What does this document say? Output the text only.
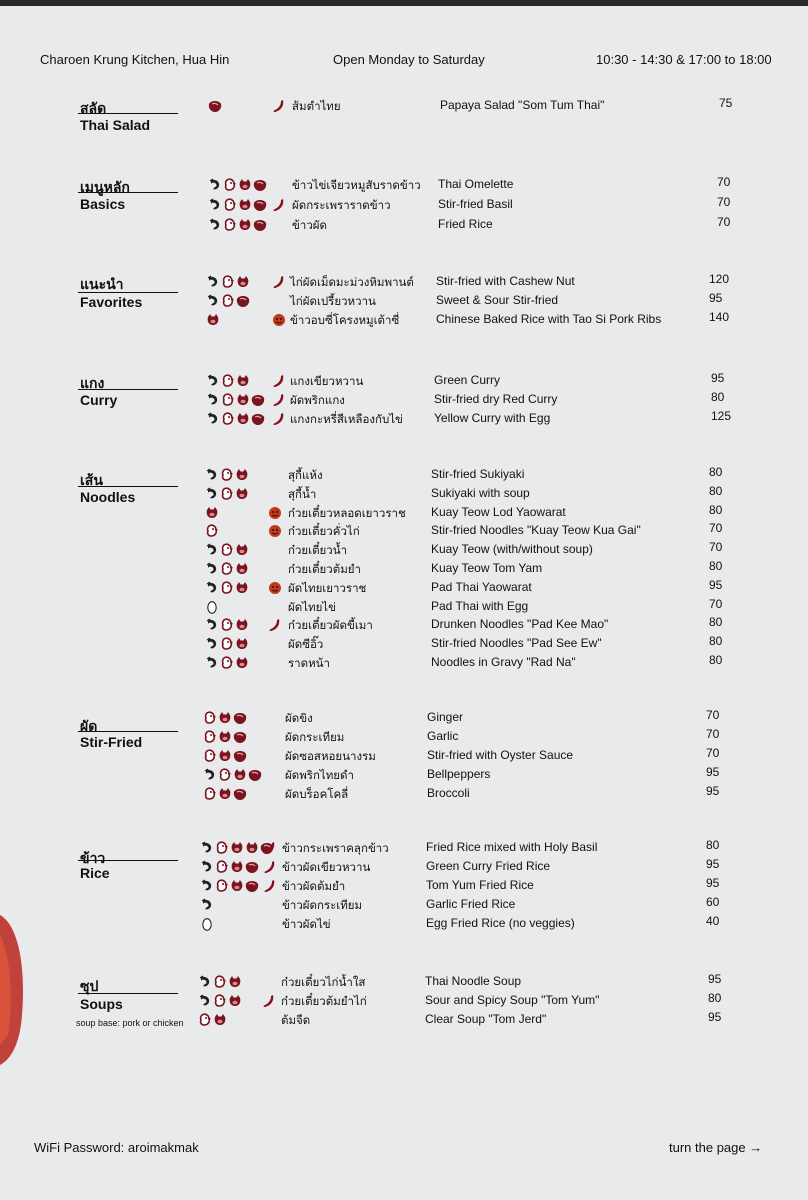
Charoen Krung Kitchen, Hua Hin	Open Monday to Saturday	10:30 - 14:30 & 17:00 to 18:00
สลัด
Thai Salad
ส้มตำไทย	Papaya Salad "Som Tum Thai"	75
เมนูหลัก
Basics
ข้าวไข่เจียวหมูสับราดข้าว Thai Omelette	70
ผัดกระเพราราดข้าว	Stir-fried Basil	70
ข้าวผัด	Fried Rice	70
แนะนำ
Favorites
ไก่ผัดเม็ดมะม่วงหิมพานต์ Stir-fried with Cashew Nut	120
ไก่ผัดเปรี้ยวหวาน	Sweet & Sour Stir-fried	95
ข้าวอบซี่โครงหมูเต้าซี่	Chinese Baked Rice with Tao Si Pork Ribs	140
แกง
Curry
แกงเขียวหวาน	Green Curry	95
ผัดพริกแกง	Stir-fried dry Red Curry	80
แกงกะหรี่สีเหลืองกับไข่	Yellow Curry with Egg	125
เส้น
Noodles
สุกี้แห้ง	Stir-fried Sukiyaki	80
สุกี้น้ำ	Sukiyaki with soup	80
ก๋วยเตี๋ยวหลอดเยาวราช Kuay Teow Lod Yaowarat	80
ก๋วยเตี๋ยวคั่วไก่	Stir-fried Noodles "Kuay Teow Kua Gai"	70
ก๋วยเตี๋ยวน้ำ	Kuay Teow (with/without soup)	70
ก๋วยเตี๋ยวต้มยำ	Kuay Teow Tom Yam	80
ผัดไทยเยาวราช	Pad Thai Yaowarat	95
ผัดไทยไข่	Pad Thai with Egg	70
ก๋วยเตี๋ยวผัดขี้เมา	Drunken Noodles "Pad Kee Mao"	80
ผัดซีอิ๊ว	Stir-fried Noodles "Pad See Ew"	80
ราดหน้า	Noodles in Gravy "Rad Na"	80
ผัด
Stir-Fried
ผัดขิง	Ginger	70
ผัดกระเทียม	Garlic	70
ผัดซอสหอยนางรม	Stir-fried with Oyster Sauce	70
ผัดพริกไทยดำ	Bellpeppers	95
ผัดบร็อคโคลี่	Broccoli	95
ข้าว
Rice
ข้าวกระเพราคลุกข้าว	Fried Rice mixed with Holy Basil	80
ข้าวผัดเขียวหวาน	Green Curry Fried Rice	95
ข้าวผัดต้มยำ	Tom Yum Fried Rice	95
ข้าวผัดกระเทียม	Garlic Fried Rice	60
ข้าวผัดไข่	Egg Fried Rice (no veggies)	40
ซุป
Soups
soup base: pork or chicken
ก๋วยเตี๋ยวไก่น้ำใส	Thai Noodle Soup	95
ก๋วยเตี๋ยวต้มยำไก่	Sour and Spicy Soup "Tom Yum"	80
ต้มจืด	Clear Soup "Tom Jerd"	95
WiFi Password: aroimakmak	turn the page →
